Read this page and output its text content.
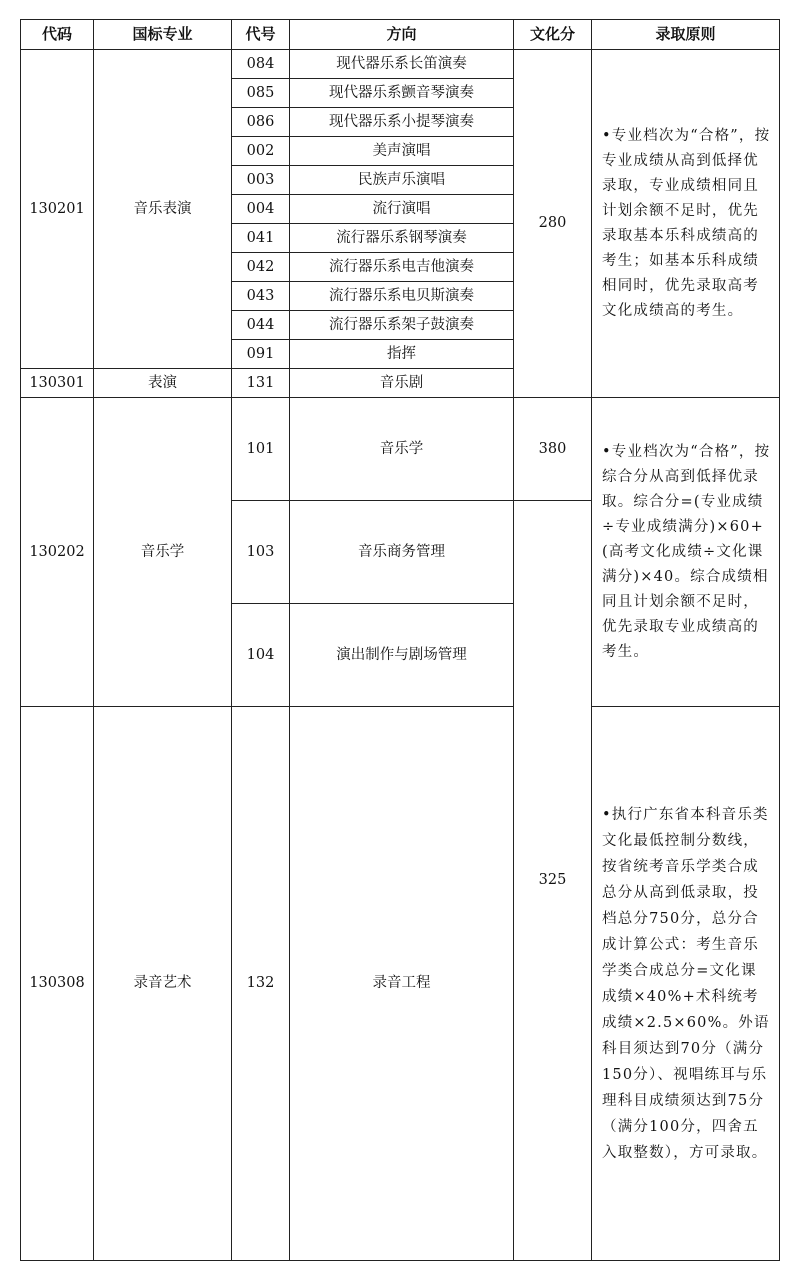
代码	国标专业	代号	方向	文化分	录取原则
130201	音乐表演	084	现代器乐系长笛演奏	280	•专业档次为“合格”，按专业成绩从高到低择优录取，专业成绩相同且计划余额不足时，优先录取基本乐科成绩高的考生；如基本乐科成绩相同时，优先录取高考文化成绩高的考生。
		085	现代器乐系颤音琴演奏		
		086	现代器乐系小提琴演奏		
		002	美声演唱		
		003	民族声乐演唱		
		004	流行演唱		
		041	流行器乐系钢琴演奏		
		042	流行器乐系电吉他演奏		
		043	流行器乐系电贝斯演奏		
		044	流行器乐系架子鼓演奏		
		091	指挥		
130301	表演	131	音乐剧		
130202	音乐学	101	音乐学	380	•专业档次为“合格”，按综合分从高到低择优录取。综合分=(专业成绩÷专业成绩满分)×60+(高考文化成绩÷文化课满分)×40。综合成绩相同且计划余额不足时，优先录取专业成绩高的考生。
		103	音乐商务管理	325	
		104	演出制作与剧场管理		
130308	录音艺术	132	录音工程		•执行广东省本科音乐类文化最低控制分数线，按省统考音乐学类合成总分从高到低录取，投档总分750分，总分合成计算公式：考生音乐学类合成总分=文化课成绩×40%+术科统考成绩×2.5×60%。外语科目须达到70分（满分150分）、视唱练耳与乐理科目成绩须达到75分（满分100分，四舍五入取整数），方可录取。
